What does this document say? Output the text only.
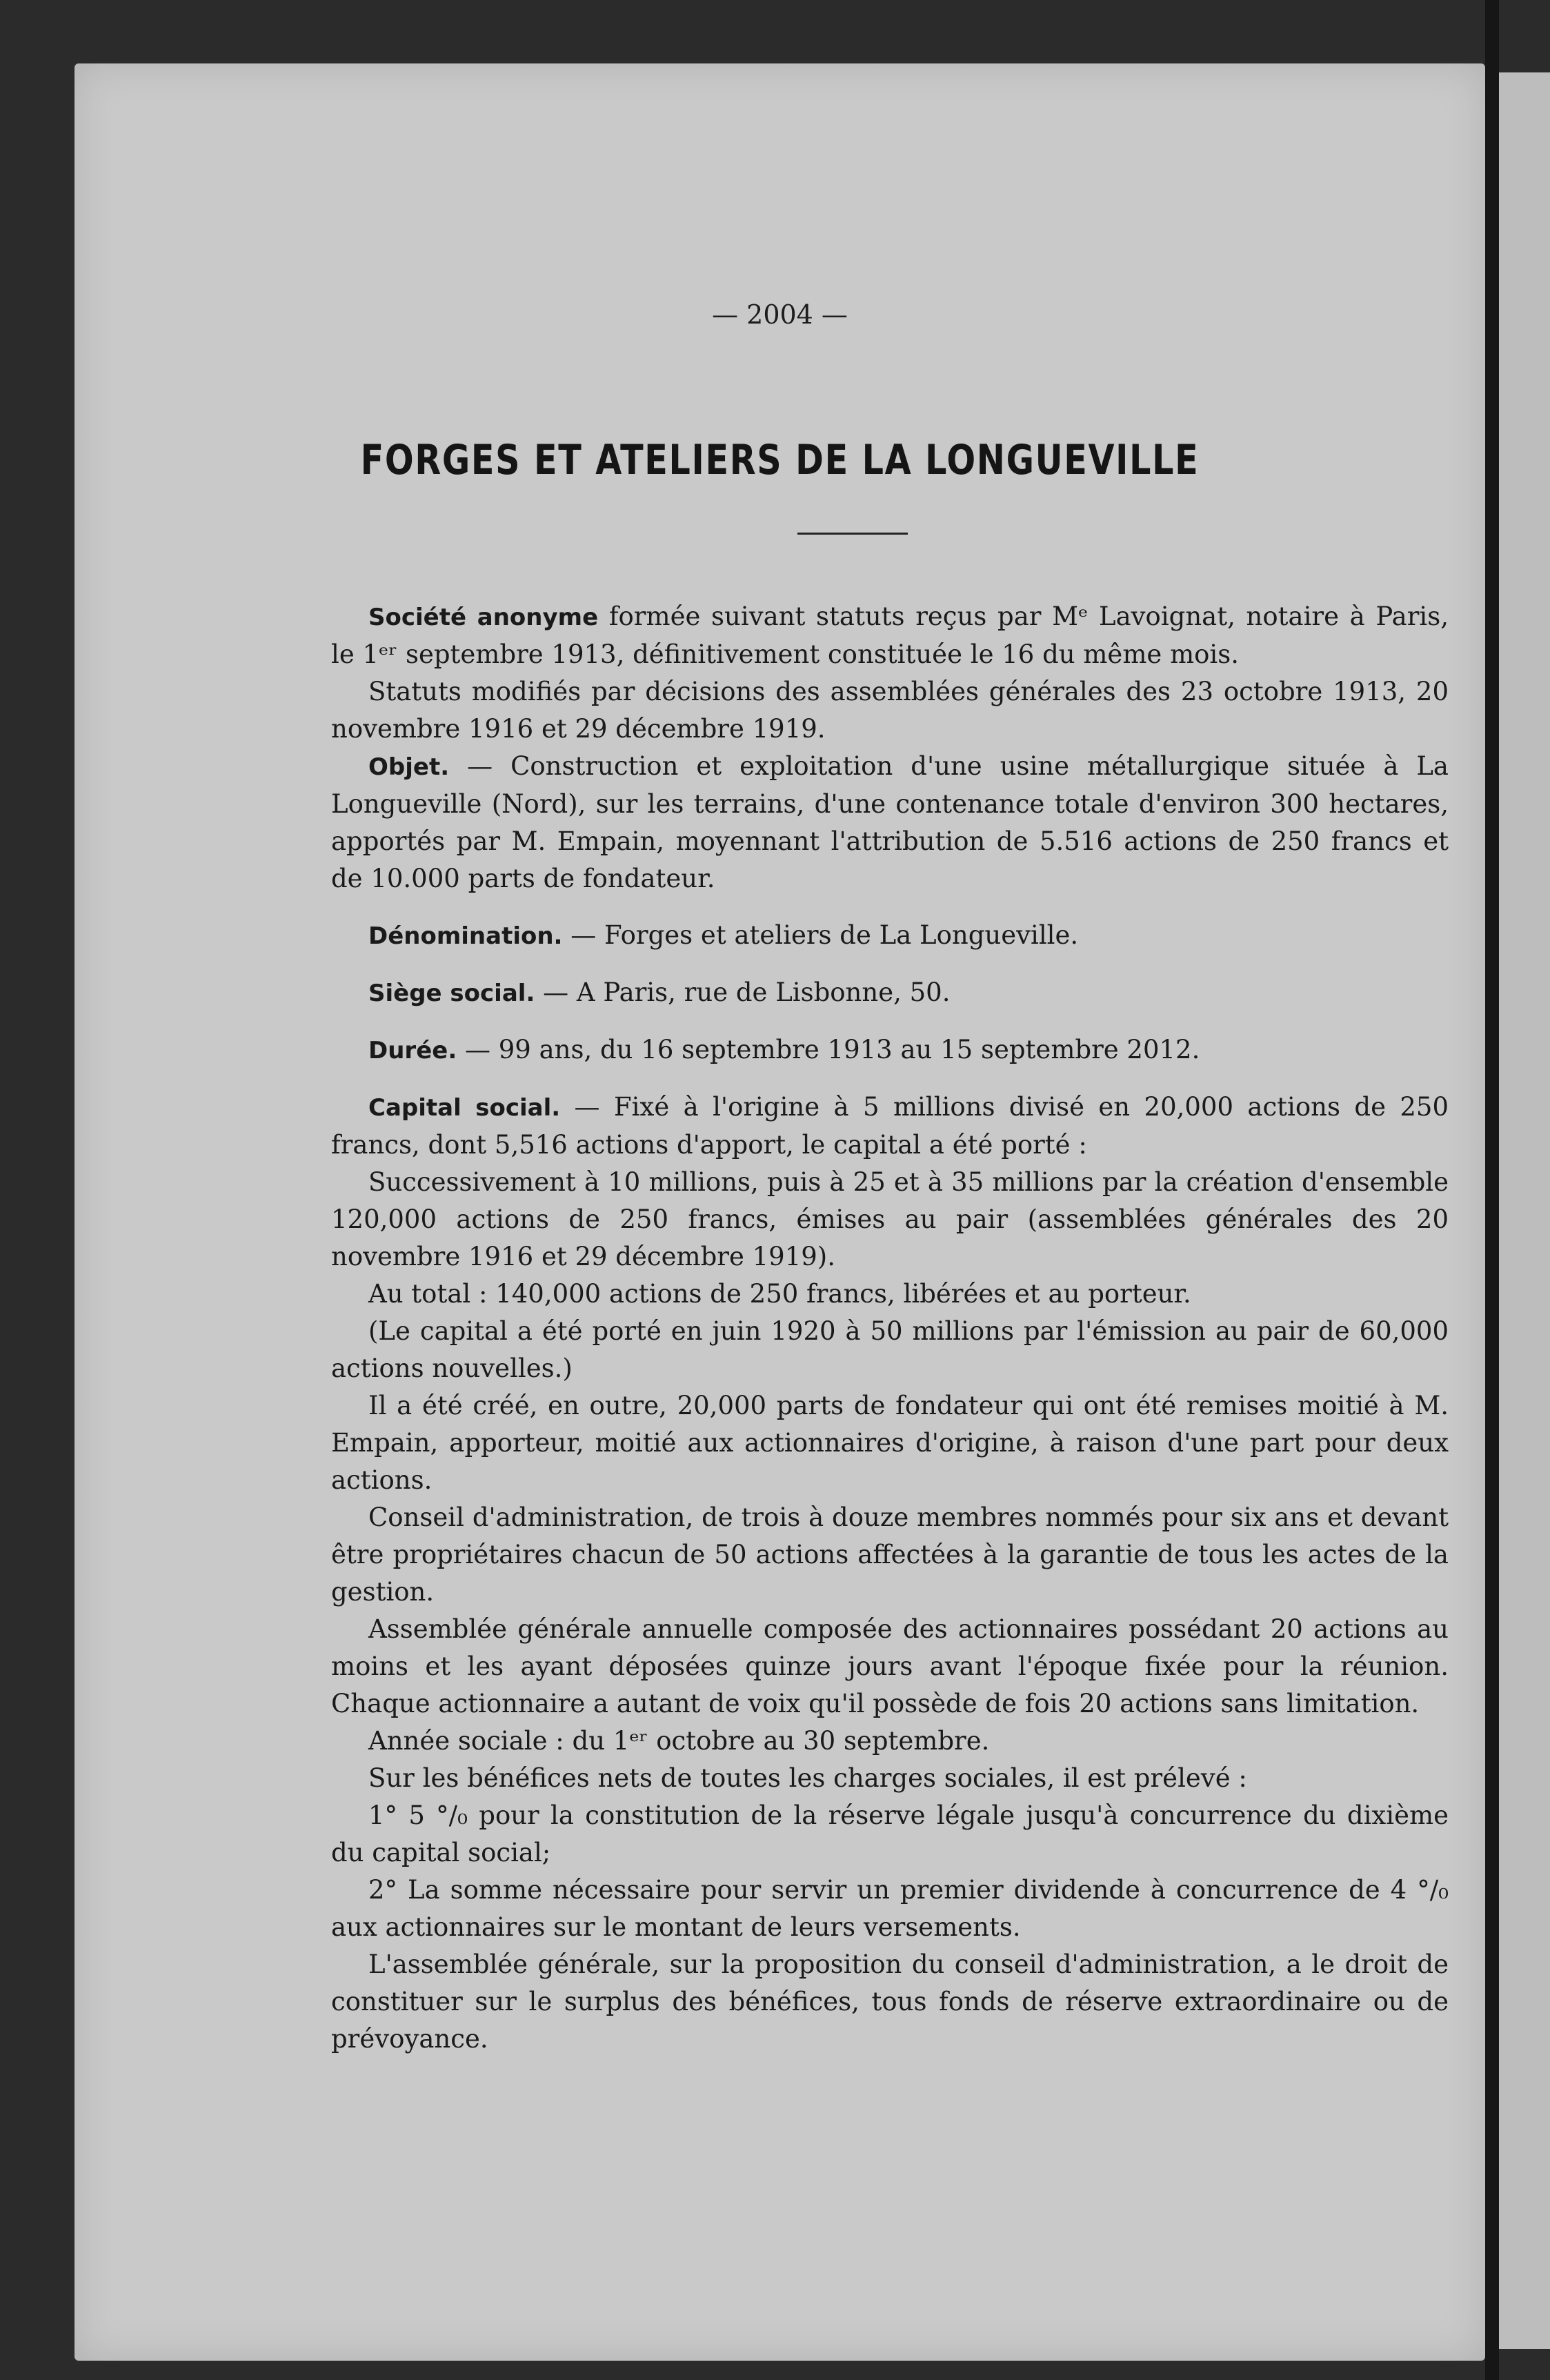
— 2004 —
FORGES ET ATELIERS DE LA LONGUEVILLE

Société anonyme formée suivant statuts reçus par Mᵉ Lavoignat, notaire à Paris, le 1ᵉʳ septembre 1913, définitivement constituée le 16 du même mois.

Statuts modifiés par décisions des assemblées générales des 23 octobre 1913, 20 novembre 1916 et 29 décembre 1919.

Objet. — Construction et exploitation d'une usine métallurgique située à La Longueville (Nord), sur les terrains, d'une contenance totale d'environ 300 hectares, apportés par M. Empain, moyennant l'attribution de 5.516 actions de 250 francs et de 10.000 parts de fondateur.

Dénomination. — Forges et ateliers de La Longueville.

Siège social. — A Paris, rue de Lisbonne, 50.

Durée. — 99 ans, du 16 septembre 1913 au 15 septembre 2012.

Capital social. — Fixé à l'origine à 5 millions divisé en 20,000 actions de 250 francs, dont 5,516 actions d'apport, le capital a été porté :

Successivement à 10 millions, puis à 25 et à 35 millions par la création d'ensemble 120,000 actions de 250 francs, émises au pair (assemblées générales des 20 novembre 1916 et 29 décembre 1919).

Au total : 140,000 actions de 250 francs, libérées et au porteur.

(Le capital a été porté en juin 1920 à 50 millions par l'émission au pair de 60,000 actions nouvelles.)

Il a été créé, en outre, 20,000 parts de fondateur qui ont été remises moitié à M. Empain, apporteur, moitié aux actionnaires d'origine, à raison d'une part pour deux actions.

Conseil d'administration, de trois à douze membres nommés pour six ans et devant être propriétaires chacun de 50 actions affectées à la garantie de tous les actes de la gestion.

Assemblée générale annuelle composée des actionnaires possédant 20 actions au moins et les ayant déposées quinze jours avant l'époque fixée pour la réunion. Chaque actionnaire a autant de voix qu'il possède de fois 20 actions sans limitation.

Année sociale : du 1ᵉʳ octobre au 30 septembre.

Sur les bénéfices nets de toutes les charges sociales, il est prélevé :

1° 5 °/₀ pour la constitution de la réserve légale jusqu'à concurrence du dixième du capital social;

2° La somme nécessaire pour servir un premier dividende à concurrence de 4 °/₀ aux actionnaires sur le montant de leurs versements.

L'assemblée générale, sur la proposition du conseil d'administration, a le droit de constituer sur le surplus des bénéfices, tous fonds de réserve extraordinaire ou de prévoyance.
